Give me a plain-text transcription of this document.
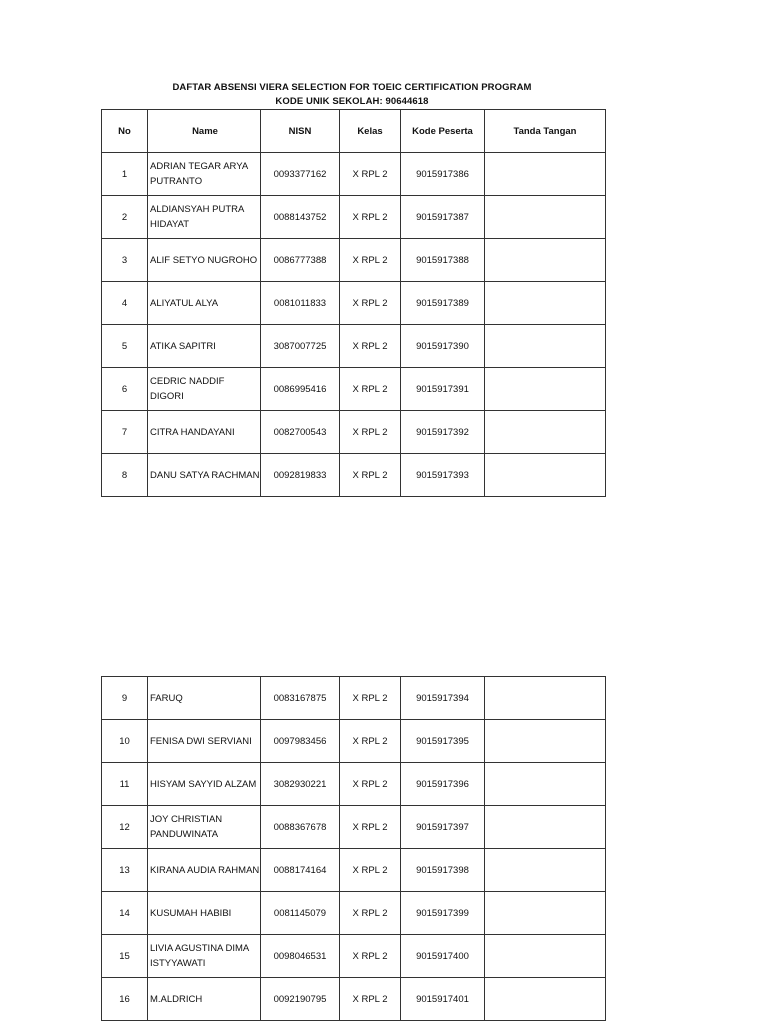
DAFTAR ABSENSI VIERA SELECTION FOR TOEIC CERTIFICATION PROGRAM
KODE UNIK SEKOLAH: 90644618
No	Name	NISN	Kelas	Kode Peserta	Tanda Tangan
1	ADRIAN TEGAR ARYA PUTRANTO	0093377162	X RPL 2	9015917386	
2	ALDIANSYAH PUTRA HIDAYAT	0088143752	X RPL 2	9015917387	
3	ALIF SETYO NUGROHO	0086777388	X RPL 2	9015917388	
4	ALIYATUL ALYA	0081011833	X RPL 2	9015917389	
5	ATIKA SAPITRI	3087007725	X RPL 2	9015917390	
6	CEDRIC NADDIF DIGORI	0086995416	X RPL 2	9015917391	
7	CITRA HANDAYANI	0082700543	X RPL 2	9015917392	
8	DANU SATYA RACHMAN	0092819833	X RPL 2	9015917393	
9	FARUQ	0083167875	X RPL 2	9015917394	
10	FENISA DWI SERVIANI	0097983456	X RPL 2	9015917395	
11	HISYAM SAYYID ALZAM	3082930221	X RPL 2	9015917396	
12	JOY CHRISTIAN PANDUWINATA	0088367678	X RPL 2	9015917397	
13	KIRANA AUDIA RAHMAN	0088174164	X RPL 2	9015917398	
14	KUSUMAH HABIBI	0081145079	X RPL 2	9015917399	
15	LIVIA AGUSTINA DIMA ISTYYAWATI	0098046531	X RPL 2	9015917400	
16	M.ALDRICH	0092190795	X RPL 2	9015917401	
